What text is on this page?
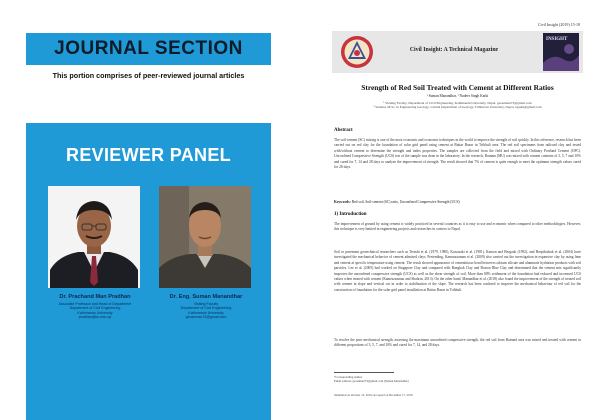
JOURNAL SECTION
This portion comprises of peer-reviewed journal articles
REVIEWER PANEL
Dr. Prachand Man Pradhan
Associate Professor and Head of Department
Department of Civil Engineering
Kathmandu University
pradhan@ku.edu.np
Dr. Eng. Suman Manandhar
Visiting Faculty
Department of Civil Engineering
Kathmandu University
geosuman73@gmail.com
Civil Insight (2019) 15-18
Civil Insight: A Technical Magazine
INSIGHT
Strength of Red Soil Treated with Cement at Different Ratios
¹ Suman Manandhar, ² Nadeer Singh Karki
¹ Visiting Faculty, Department of Civil Engineering, Kathmandu University, Nepal, geosuman73@gmail.com
² Student, M.Sc. in Engineering Geology, Central Department of Geology, Tribhuvan University, Nepal, ngsaki@gmail.com
Abstract
The soil-cement (SC) mixing is one of the most economic and economic techniques in the world to improve the strength of soil quickly. In this reference, research has been carried out on red clay for the foundation of solar grid panel using cement at Battar Bazar in Tribhuli area. The red soil specimens from railroad clay and tested with/without cement to determine the strength and index properties. The samples are collected from the field and mixed with Ordinary Portland Cement (OPC). Unconfined Compressive Strength (UCS) test of the sample was done in the laboratory. In the research, Ratnam (MU) was mixed with cement contents of 3, 5, 7 and 10% and cured for 7, 14 and 28 days to analyze the improvement of strength. The result showed that 7% of cement is quite enough to meet the optimum strength values cured for 28 days.
Keywords: Red soil, Soil-cement (SC) ratio, Unconfined Compressive Strength (UCS)
1) Introduction
The improvement of ground by using cement is widely practiced in several countries as it is easy to use and economic when compared to other methodologies. However, this technique is very limited in engineering projects and researches in context to Nepal.
Soil or pavement geotechnical researchers such as Terashi et al. (1979, 1980), Kawasaki et al. (1981), Kamon and Bergado (1992), and Horpibulsuk et al. (2004) have investigated the mechanical behavior of cement admixed clays. Pretending, Kamruzzaman et al. (2009) also carried out the investigation in expansive clay by using lime and cement at specific temperature using cement. The result showed appearance of cementitious bond between calcium silicate and aluminate hydration products with soil particles. Lee et al. (2005) had worked on Singapore Clay and compared with Bangkok Clay and Boston Blue Clay and determined that the cement mix significantly improves the unconfined compressive strength (UCS) as well as the shear strength of soil. More than 80% settlement of the foundation had reduced and increased UCS values when treated with cement (Kamruzzaman and Shahrin, 2013). On the other hand, Manandhar et al. (2018) also found the improvement of the strength of treated soil with cement in slope and vertical cut in order to stabilization of the slope. The research has been confined to improve the mechanical behaviour of red soil for the construction of foundation for the solar grid panel installation at Battar Bazar in Tribhuli.
To resolve the poor mechanical strength, assessing the maximum unconfined compressive strength, the red soil from Batrand area was mixed and treated with cement in different proportions of 3, 5, 7, and 10% and cured for 7, 14, and 28 days.
*Corresponding Author
Email address: geosuman73@gmail.com (Suman Manandhar)
Submitted on October 12, 2019; Accepted on December 17, 2019
